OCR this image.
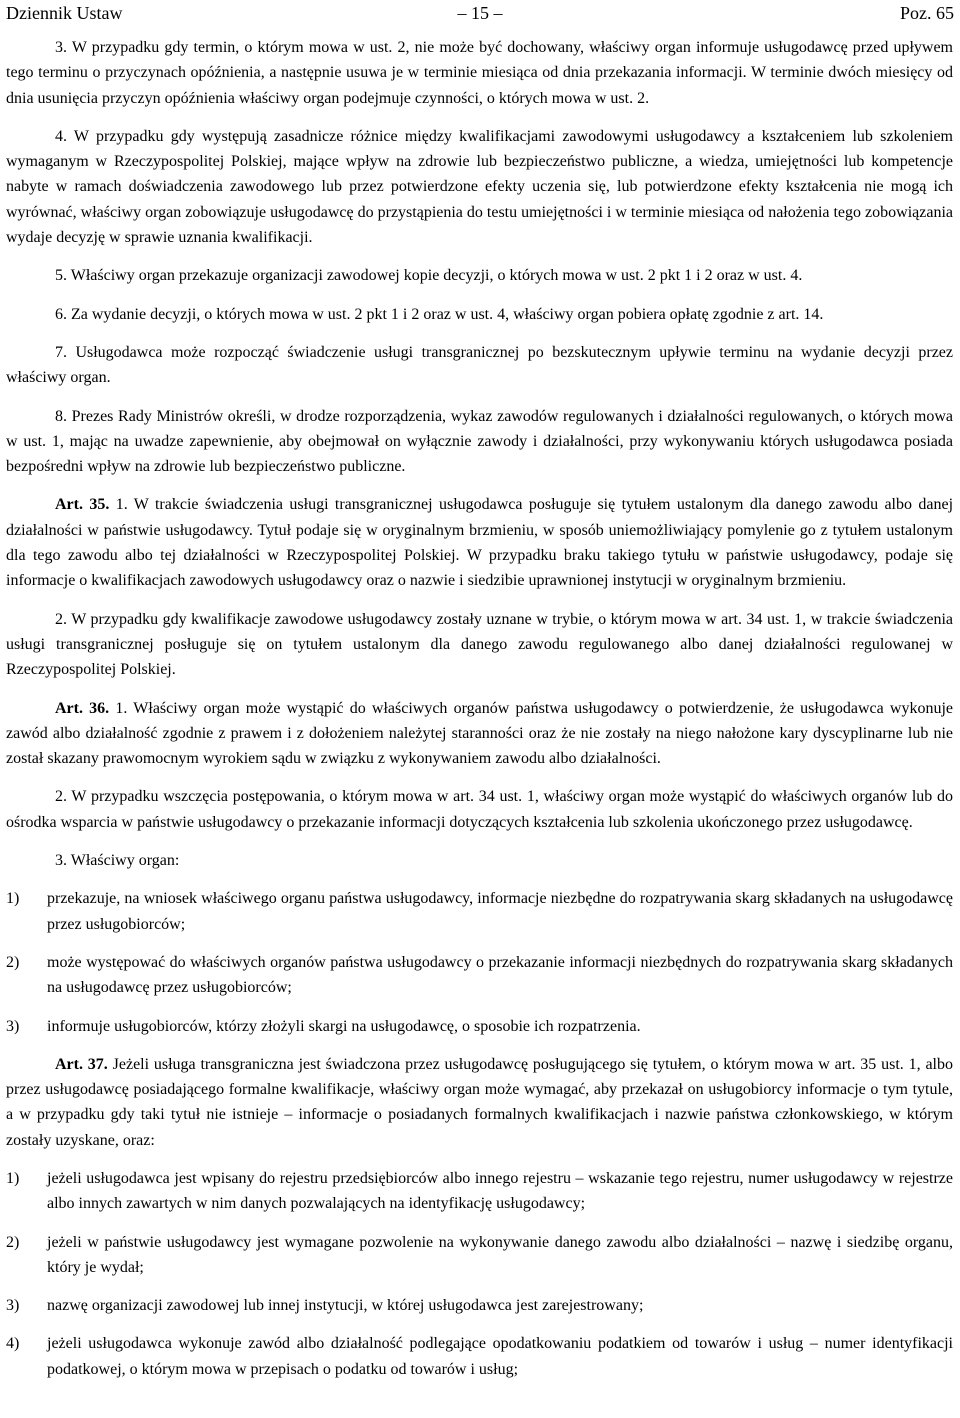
Dziennik Ustaw	– 15 –	Poz. 65

3. W przypadku gdy termin, o którym mowa w ust. 2, nie może być dochowany, właściwy organ informuje usługodawcę przed upływem tego terminu o przyczynach opóźnienia, a następnie usuwa je w terminie miesiąca od dnia przekazania informacji. W terminie dwóch miesięcy od dnia usunięcia przyczyn opóźnienia właściwy organ podejmuje czynności, o których mowa w ust. 2.

4. W przypadku gdy występują zasadnicze różnice między kwalifikacjami zawodowymi usługodawcy a kształceniem lub szkoleniem wymaganym w Rzeczypospolitej Polskiej, mające wpływ na zdrowie lub bezpieczeństwo publiczne, a wiedza, umiejętności lub kompetencje nabyte w ramach doświadczenia zawodowego lub przez potwierdzone efekty uczenia się, lub potwierdzone efekty kształcenia nie mogą ich wyrównać, właściwy organ zobowiązuje usługodawcę do przystąpienia do testu umiejętności i w terminie miesiąca od nałożenia tego zobowiązania wydaje decyzję w sprawie uznania kwalifikacji.

5. Właściwy organ przekazuje organizacji zawodowej kopie decyzji, o których mowa w ust. 2 pkt 1 i 2 oraz w ust. 4.

6. Za wydanie decyzji, o których mowa w ust. 2 pkt 1 i 2 oraz w ust. 4, właściwy organ pobiera opłatę zgodnie z art. 14.

7. Usługodawca może rozpocząć świadczenie usługi transgranicznej po bezskutecznym upływie terminu na wydanie decyzji przez właściwy organ.

8. Prezes Rady Ministrów określi, w drodze rozporządzenia, wykaz zawodów regulowanych i działalności regulowanych, o których mowa w ust. 1, mając na uwadze zapewnienie, aby obejmował on wyłącznie zawody i działalności, przy wykonywaniu których usługodawca posiada bezpośredni wpływ na zdrowie lub bezpieczeństwo publiczne.

Art. 35. 1. W trakcie świadczenia usługi transgranicznej usługodawca posługuje się tytułem ustalonym dla danego zawodu albo danej działalności w państwie usługodawcy. Tytuł podaje się w oryginalnym brzmieniu, w sposób uniemożliwiający pomylenie go z tytułem ustalonym dla tego zawodu albo tej działalności w Rzeczypospolitej Polskiej. W przypadku braku takiego tytułu w państwie usługodawcy, podaje się informacje o kwalifikacjach zawodowych usługodawcy oraz o nazwie i siedzibie uprawnionej instytucji w oryginalnym brzmieniu.

2. W przypadku gdy kwalifikacje zawodowe usługodawcy zostały uznane w trybie, o którym mowa w art. 34 ust. 1, w trakcie świadczenia usługi transgranicznej posługuje się on tytułem ustalonym dla danego zawodu regulowanego albo danej działalności regulowanej w Rzeczypospolitej Polskiej.

Art. 36. 1. Właściwy organ może wystąpić do właściwych organów państwa usługodawcy o potwierdzenie, że usługodawca wykonuje zawód albo działalność zgodnie z prawem i z dołożeniem należytej staranności oraz że nie zostały na niego nałożone kary dyscyplinarne lub nie został skazany prawomocnym wyrokiem sądu w związku z wykonywaniem zawodu albo działalności.

2. W przypadku wszczęcia postępowania, o którym mowa w art. 34 ust. 1, właściwy organ może wystąpić do właściwych organów lub do ośrodka wsparcia w państwie usługodawcy o przekazanie informacji dotyczących kształcenia lub szkolenia ukończonego przez usługodawcę.

3. Właściwy organ:

1)	przekazuje, na wniosek właściwego organu państwa usługodawcy, informacje niezbędne do rozpatrywania skarg składanych na usługodawcę przez usługobiorców;
2)	może występować do właściwych organów państwa usługodawcy o przekazanie informacji niezbędnych do rozpatrywania skarg składanych na usługodawcę przez usługobiorców;
3)	informuje usługobiorców, którzy złożyli skargi na usługodawcę, o sposobie ich rozpatrzenia.

Art. 37. Jeżeli usługa transgraniczna jest świadczona przez usługodawcę posługującego się tytułem, o którym mowa w art. 35 ust. 1, albo przez usługodawcę posiadającego formalne kwalifikacje, właściwy organ może wymagać, aby przekazał on usługobiorcy informacje o tym tytule, a w przypadku gdy taki tytuł nie istnieje – informacje o posiadanych formalnych kwalifikacjach i nazwie państwa członkowskiego, w którym zostały uzyskane, oraz:

1)	jeżeli usługodawca jest wpisany do rejestru przedsiębiorców albo innego rejestru – wskazanie tego rejestru, numer usługodawcy w rejestrze albo innych zawartych w nim danych pozwalających na identyfikację usługodawcy;
2)	jeżeli w państwie usługodawcy jest wymagane pozwolenie na wykonywanie danego zawodu albo działalności – nazwę i siedzibę organu, który je wydał;
3)	nazwę organizacji zawodowej lub innej instytucji, w której usługodawca jest zarejestrowany;
4)	jeżeli usługodawca wykonuje zawód albo działalność podlegające opodatkowaniu podatkiem od towarów i usług – numer identyfikacji podatkowej, o którym mowa w przepisach o podatku od towarów i usług;
